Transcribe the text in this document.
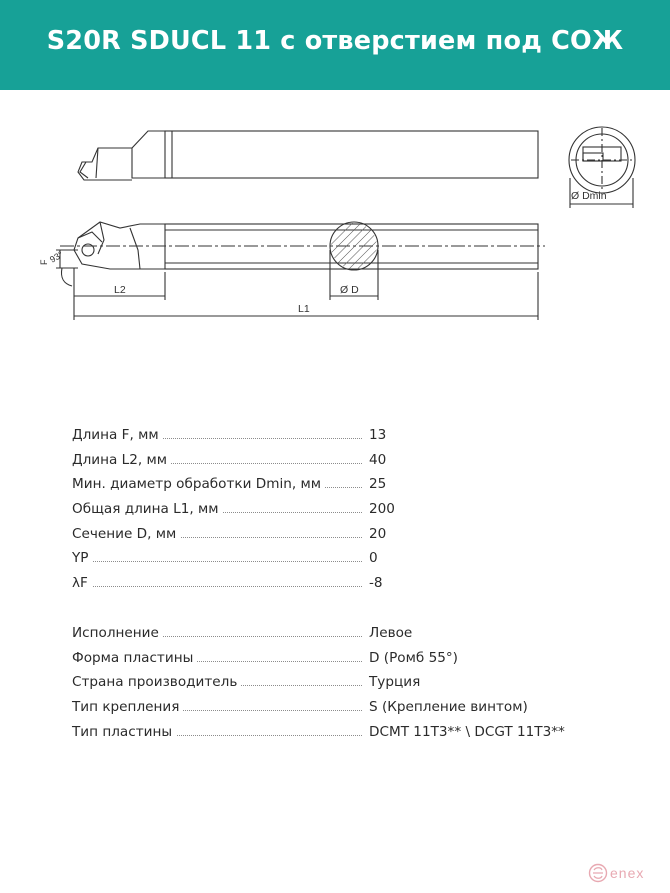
S20R SDUCL 11 с отверстием под СОЖ
Ø Dmin
93°
F
L2	Ø D
L1
Длина F, мм	13
Длина L2, мм	40
Мин. диаметр обработки Dmin, мм	25
Общая длина L1, мм	200
Сечение D, мм	20
YP	0
λF	-8
Исполнение	Левое
Форма пластины	D (Ромб 55°)
Страна производитель	Турция
Тип крепления	S (Крепление винтом)
Тип пластины	DCMT 11T3** \ DCGT 11T3**
enex
